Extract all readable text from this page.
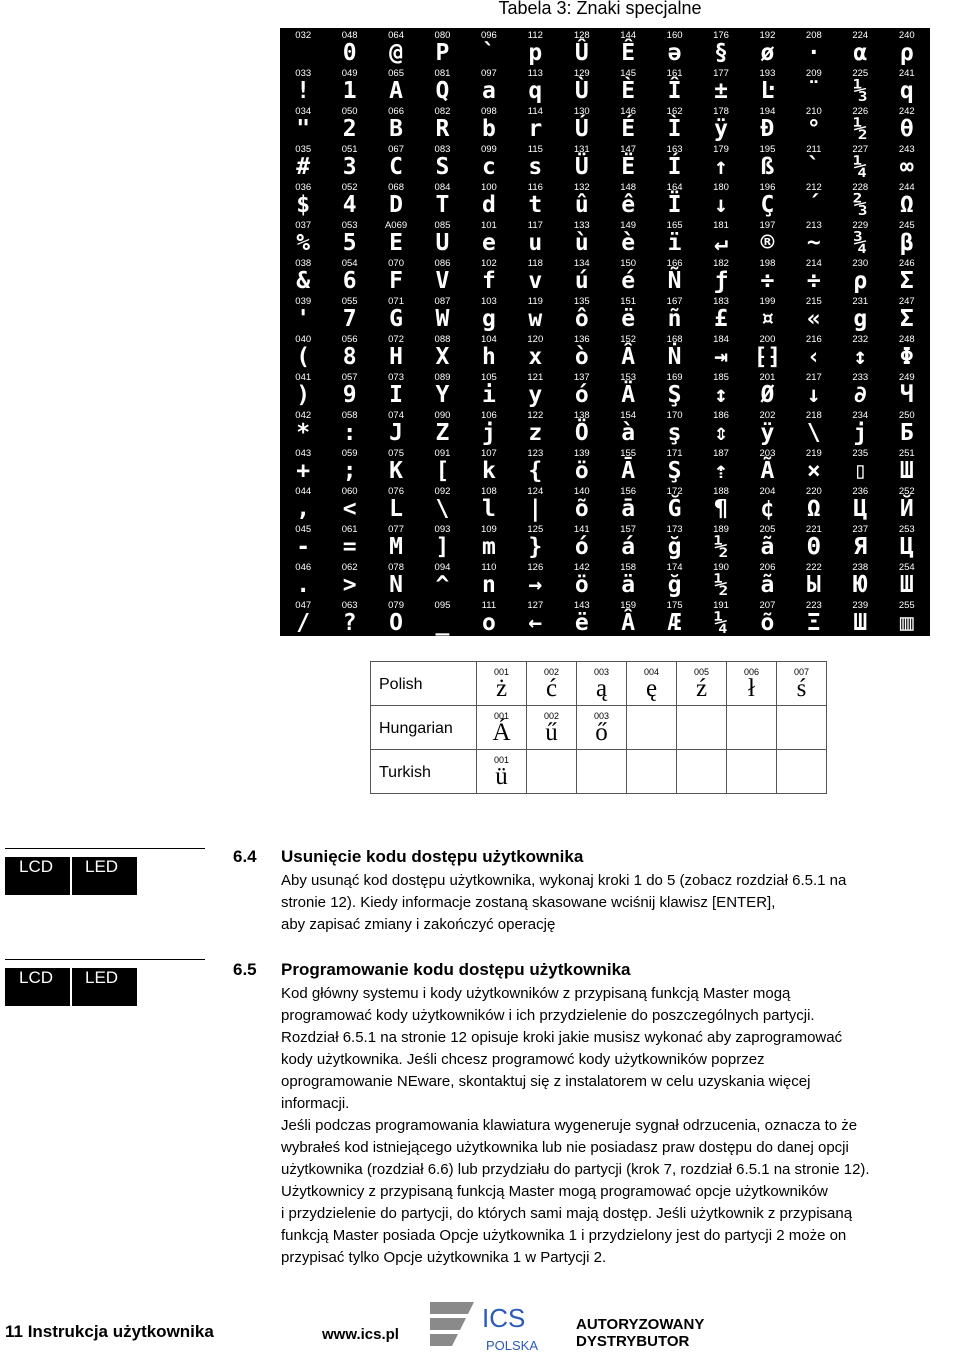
Tabela 3: Znaki specjalne
032	048
0	064
@	080
P	096
`	112
p	128
Û	144
Ê	160
ə	176
§	192
ø	208
·	224
α	240
ρ

033
!	049
1	065
A	081
Q	097
a	113
q	129
Ù	145
È	161
Î	177
±	193
Ŀ	209
¨	225
⅓	241
q

034
"	050
2	066
B	082
R	098
b	114
r	130
Ú	146
É	162
Ì	178
ÿ	194
Đ	210
°	226
½	242
θ

035
#	051
3	067
C	083
S	099
c	115
s	131
Ü	147
Ë	163
Í	179
↑	195
ß	211
`	227
¼	243
∞

036
$	052
4	068
D	084
T	100
d	116
t	132
û	148
ê	164
Ï	180
↓	196
Ç	212
´	228
⅔	244
Ω

037
%	053
5	A069
E	085
U	101
e	117
u	133
ù	149
è	165
ï	181
↵	197
®	213
~	229
¾	245
β

038
&	054
6	070
F	086
V	102
f	118
v	134
ú	150
é	166
Ñ	182
ƒ	198
÷	214
÷	230
ρ	246
Σ

039
'	055
7	071
G	087
W	103
g	119
w	135
ô	151
ë	167
ñ	183
£	199
¤	215
«	231
g	247
Σ

040
(	056
8	072
H	088
X	104
h	120
x	136
ò	152
Â	168
Ṅ	184
⇥	200
⁅⁆	216
‹	232
↕	248
Φ

041
)	057
9	073
I	089
Y	105
i	121
y	137
ó	153
Ä	169
Ş	185
↕	201
Ø	217
↓	233
∂	249
Ч

042
*	058
:	074
J	090
Z	106
j	122
z	138
Ö	154
à	170
ş	186
⇕	202
ÿ	218
\	234
j	250
Б

043
+	059
;	075
K	091
[	107
k	123
{	139
ö	155
Ā	171
Ş	187
⇡	203
Ã	219
×	235
▯	251
Ш

044
,	060
<	076
L	092
\	108
l	124
|	140
õ	156
ā	172
Ğ	188
¶	204
¢	220
Ω	236
Ц	252
Й

045
-	061
=	077
M	093
]	109
m	125
}	141
ó	157
á	173
ğ	189
½	205
ã	221
Θ	237
Я	253
Ц

046
.	062
>	078
N	094
^	110
n	126
→	142
ö	158
ä	174
ğ	190
½	206
ã	222
Ы	238
Ю	254
Ш

047
/	063
?	079
O	095
_	111
o	127
←	143
ë	159
Â	175
Æ	191
¼	207
õ	223
Ξ	239
Ш	255
▥
Polish	001
ż	002
ć	003
ą	004
ę	005
ź	006
ł	007
ś

Hungarian	001
Á	002
ű	003
ő				

Turkish	001
ü						

LCD LED
6.4 Usunięcie kodu dostępu użytkownika

Aby usunąć kod dostępu użytkownika, wykonaj kroki 1 do 5 (zobacz rozdział 6.5.1 na

stronie 12). Kiedy informacje zostaną skasowane wciśnij klawisz [ENTER],

aby zapisać zmiany i zakończyć operację

LCD LED	6.5 Programowanie kodu dostępu użytkownika

Kod główny systemu i kody użytkowników z przypisaną funkcją Master mogą

programować kody użytkowników i ich przydzielenie do poszczególnych partycji.

Rozdział 6.5.1 na stronie 12 opisuje kroki jakie musisz wykonać aby zaprogramować

kody użytkownika. Jeśli chcesz programowć kody użytkowników poprzez

oprogramowanie NEware, skontaktuj się z instalatorem w celu uzyskania więcej

informacji.

Jeśli podczas programowania klawiatura wygeneruje sygnał odrzucenia, oznacza to że

wybrałeś kod istniejącego użytkownika lub nie posiadasz praw dostępu do danej opcji

użytkownika (rozdział 6.6) lub przydziału do partycji (krok 7, rozdział 6.5.1 na stronie 12).

Użytkownicy z przypisaną funkcją Master mogą programować opcje użytkowników

i przydzielenie do partycji, do których sami mają dostęp. Jeśli użytkownik z przypisaną

funkcją Master posiada Opcje użytkownika 1 i przydzielony jest do partycji 2 może on

przypisać tylko Opcje użytkownika 1 w Partycji 2.

11 Instrukcja użytkownika	www.ics.pl
ICS
POLSKA
AUTORYZOWANY
DYSTRYBUTOR
